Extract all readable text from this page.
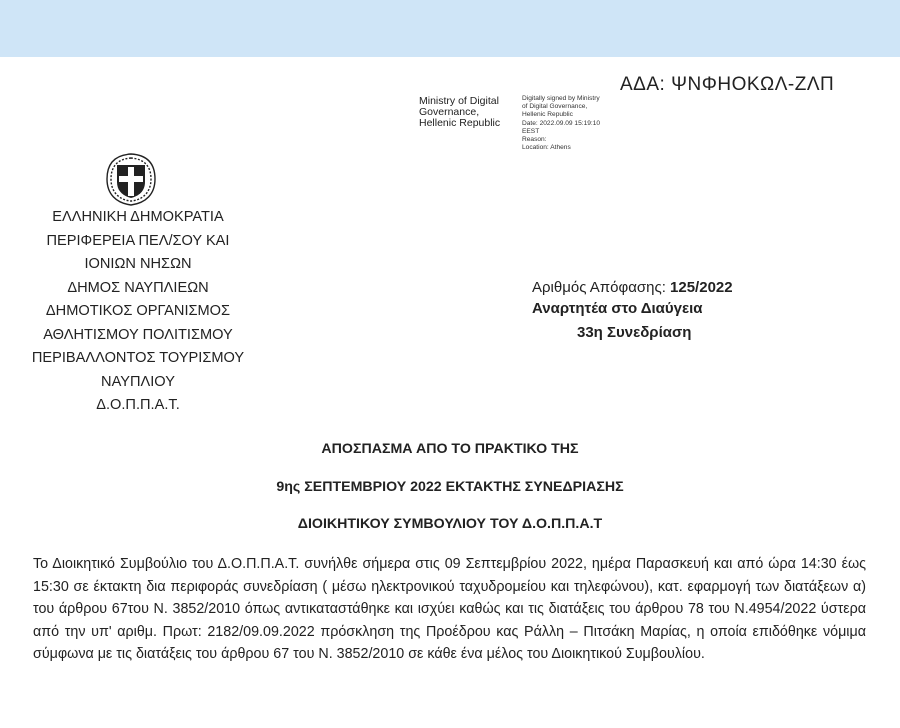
ΑΔΑ: ΨΝΦΗΟΚΩΛ-ΖΛΠ
Ministry of Digital
Governance,
Hellenic Republic
Digitally signed by Ministry
of Digital Governance,
Hellenic Republic
Date: 2022.09.09 15:19:10
EEST
Reason:
Location: Athens
ΕΛΛΗΝΙΚΗ ΔΗΜΟΚΡΑΤΙΑ
ΠΕΡΙΦΕΡΕΙΑ ΠΕΛ/ΣΟΥ ΚΑΙ
ΙΟΝΙΩΝ ΝΗΣΩΝ
ΔΗΜΟΣ ΝΑΥΠΛΙΕΩΝ
ΔΗΜΟΤΙΚΟΣ ΟΡΓΑΝΙΣΜΟΣ
ΑΘΛΗΤΙΣΜΟΥ ΠΟΛΙΤΙΣΜΟΥ
ΠΕΡΙΒΑΛΛΟΝΤΟΣ ΤΟΥΡΙΣΜΟΥ
ΝΑΥΠΛΙΟΥ
Δ.Ο.Π.Π.Α.Τ.
Αριθμός Απόφασης: 125/2022
Αναρτητέα στο Διαύγεια
33η Συνεδρίαση
ΑΠΟΣΠΑΣΜΑ ΑΠΟ ΤΟ ΠΡΑΚΤΙΚΟ ΤΗΣ
9ης ΣΕΠΤΕΜΒΡΙΟΥ 2022 ΕΚΤΑΚΤΗΣ ΣΥΝΕΔΡΙΑΣΗΣ
ΔΙΟΙΚΗΤΙΚΟΥ ΣΥΜΒΟΥΛΙΟΥ ΤΟΥ Δ.Ο.Π.Π.Α.Τ
Το Διοικητικό Συμβούλιο του Δ.Ο.Π.Π.Α.Τ. συνήλθε σήμερα στις 09 Σεπτεμβρίου 2022, ημέρα Παρασκευή και από ώρα 14:30 έως 15:30 σε έκτακτη δια περιφοράς συνεδρίαση ( μέσω ηλεκτρονικού ταχυδρομείου και τηλεφώνου), κατ. εφαρμογή των διατάξεων α) του άρθρου 67του Ν. 3852/2010 όπως αντικαταστάθηκε και ισχύει καθώς και τις διατάξεις του άρθρου 78 του Ν.4954/2022 ύστερα από την υπ' αριθμ. Πρωτ: 2182/09.09.2022 πρόσκληση της Προέδρου κας Ράλλη – Πιτσάκη Μαρίας, η οποία επιδόθηκε νόμιμα σύμφωνα με τις διατάξεις του άρθρου 67 του Ν. 3852/2010 σε κάθε ένα μέλος του Διοικητικού Συμβουλίου.
